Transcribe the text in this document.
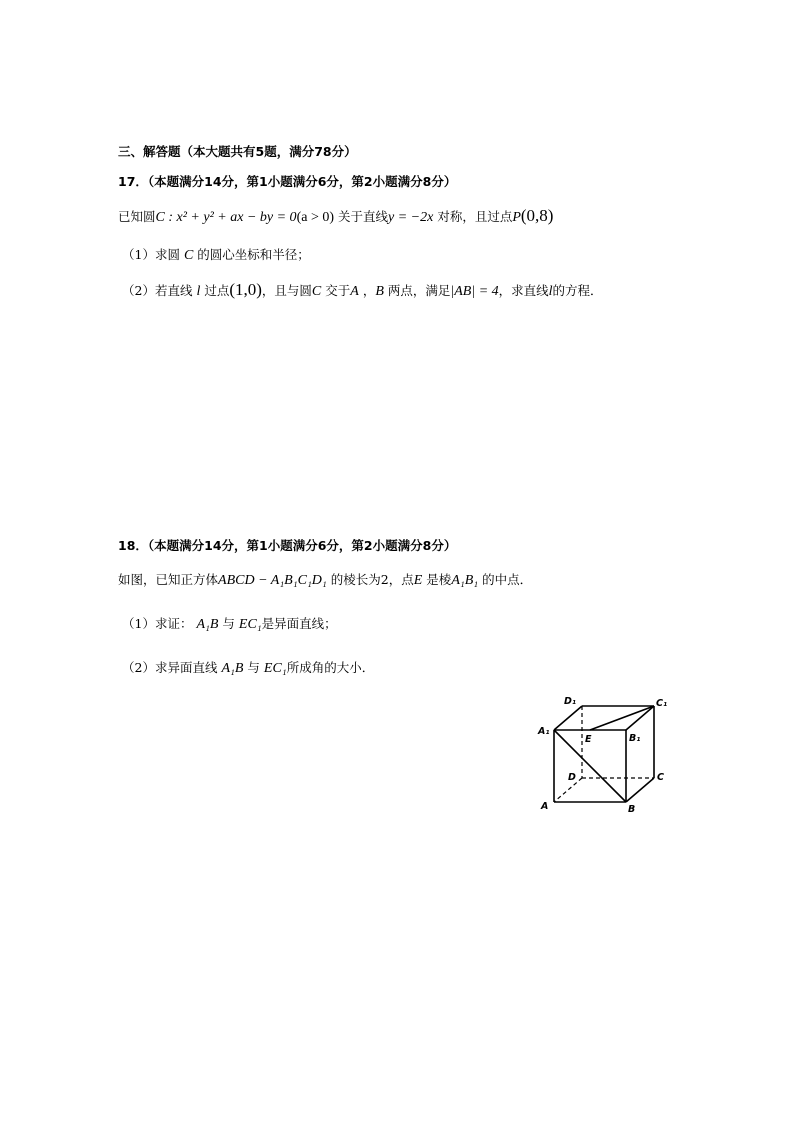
三、解答题（本大题共有5题，满分78分）
17．（本题满分14分，第1小题满分6分，第2小题满分8分）
已知圆C : x² + y² + ax − by = 0(a > 0) 关于直线y = −2x 对称，且过点P(0,8)
（1）求圆 C 的圆心坐标和半径；
（2）若直线 l 过点(1,0)，且与圆C 交于A ，B 两点，满足|AB| = 4，求直线l的方程．
18．（本题满分14分，第1小题满分6分，第2小题满分8分）
如图，已知正方体ABCD − A₁B₁C₁D₁ 的棱长为2，点E 是棱A₁B₁ 的中点．
（1）求证： A₁B 与 EC₁是异面直线；
（2）求异面直线 A₁B 与 EC₁所成角的大小．
D₁	C₁
A₁
E	B₁
D	C
A	B
